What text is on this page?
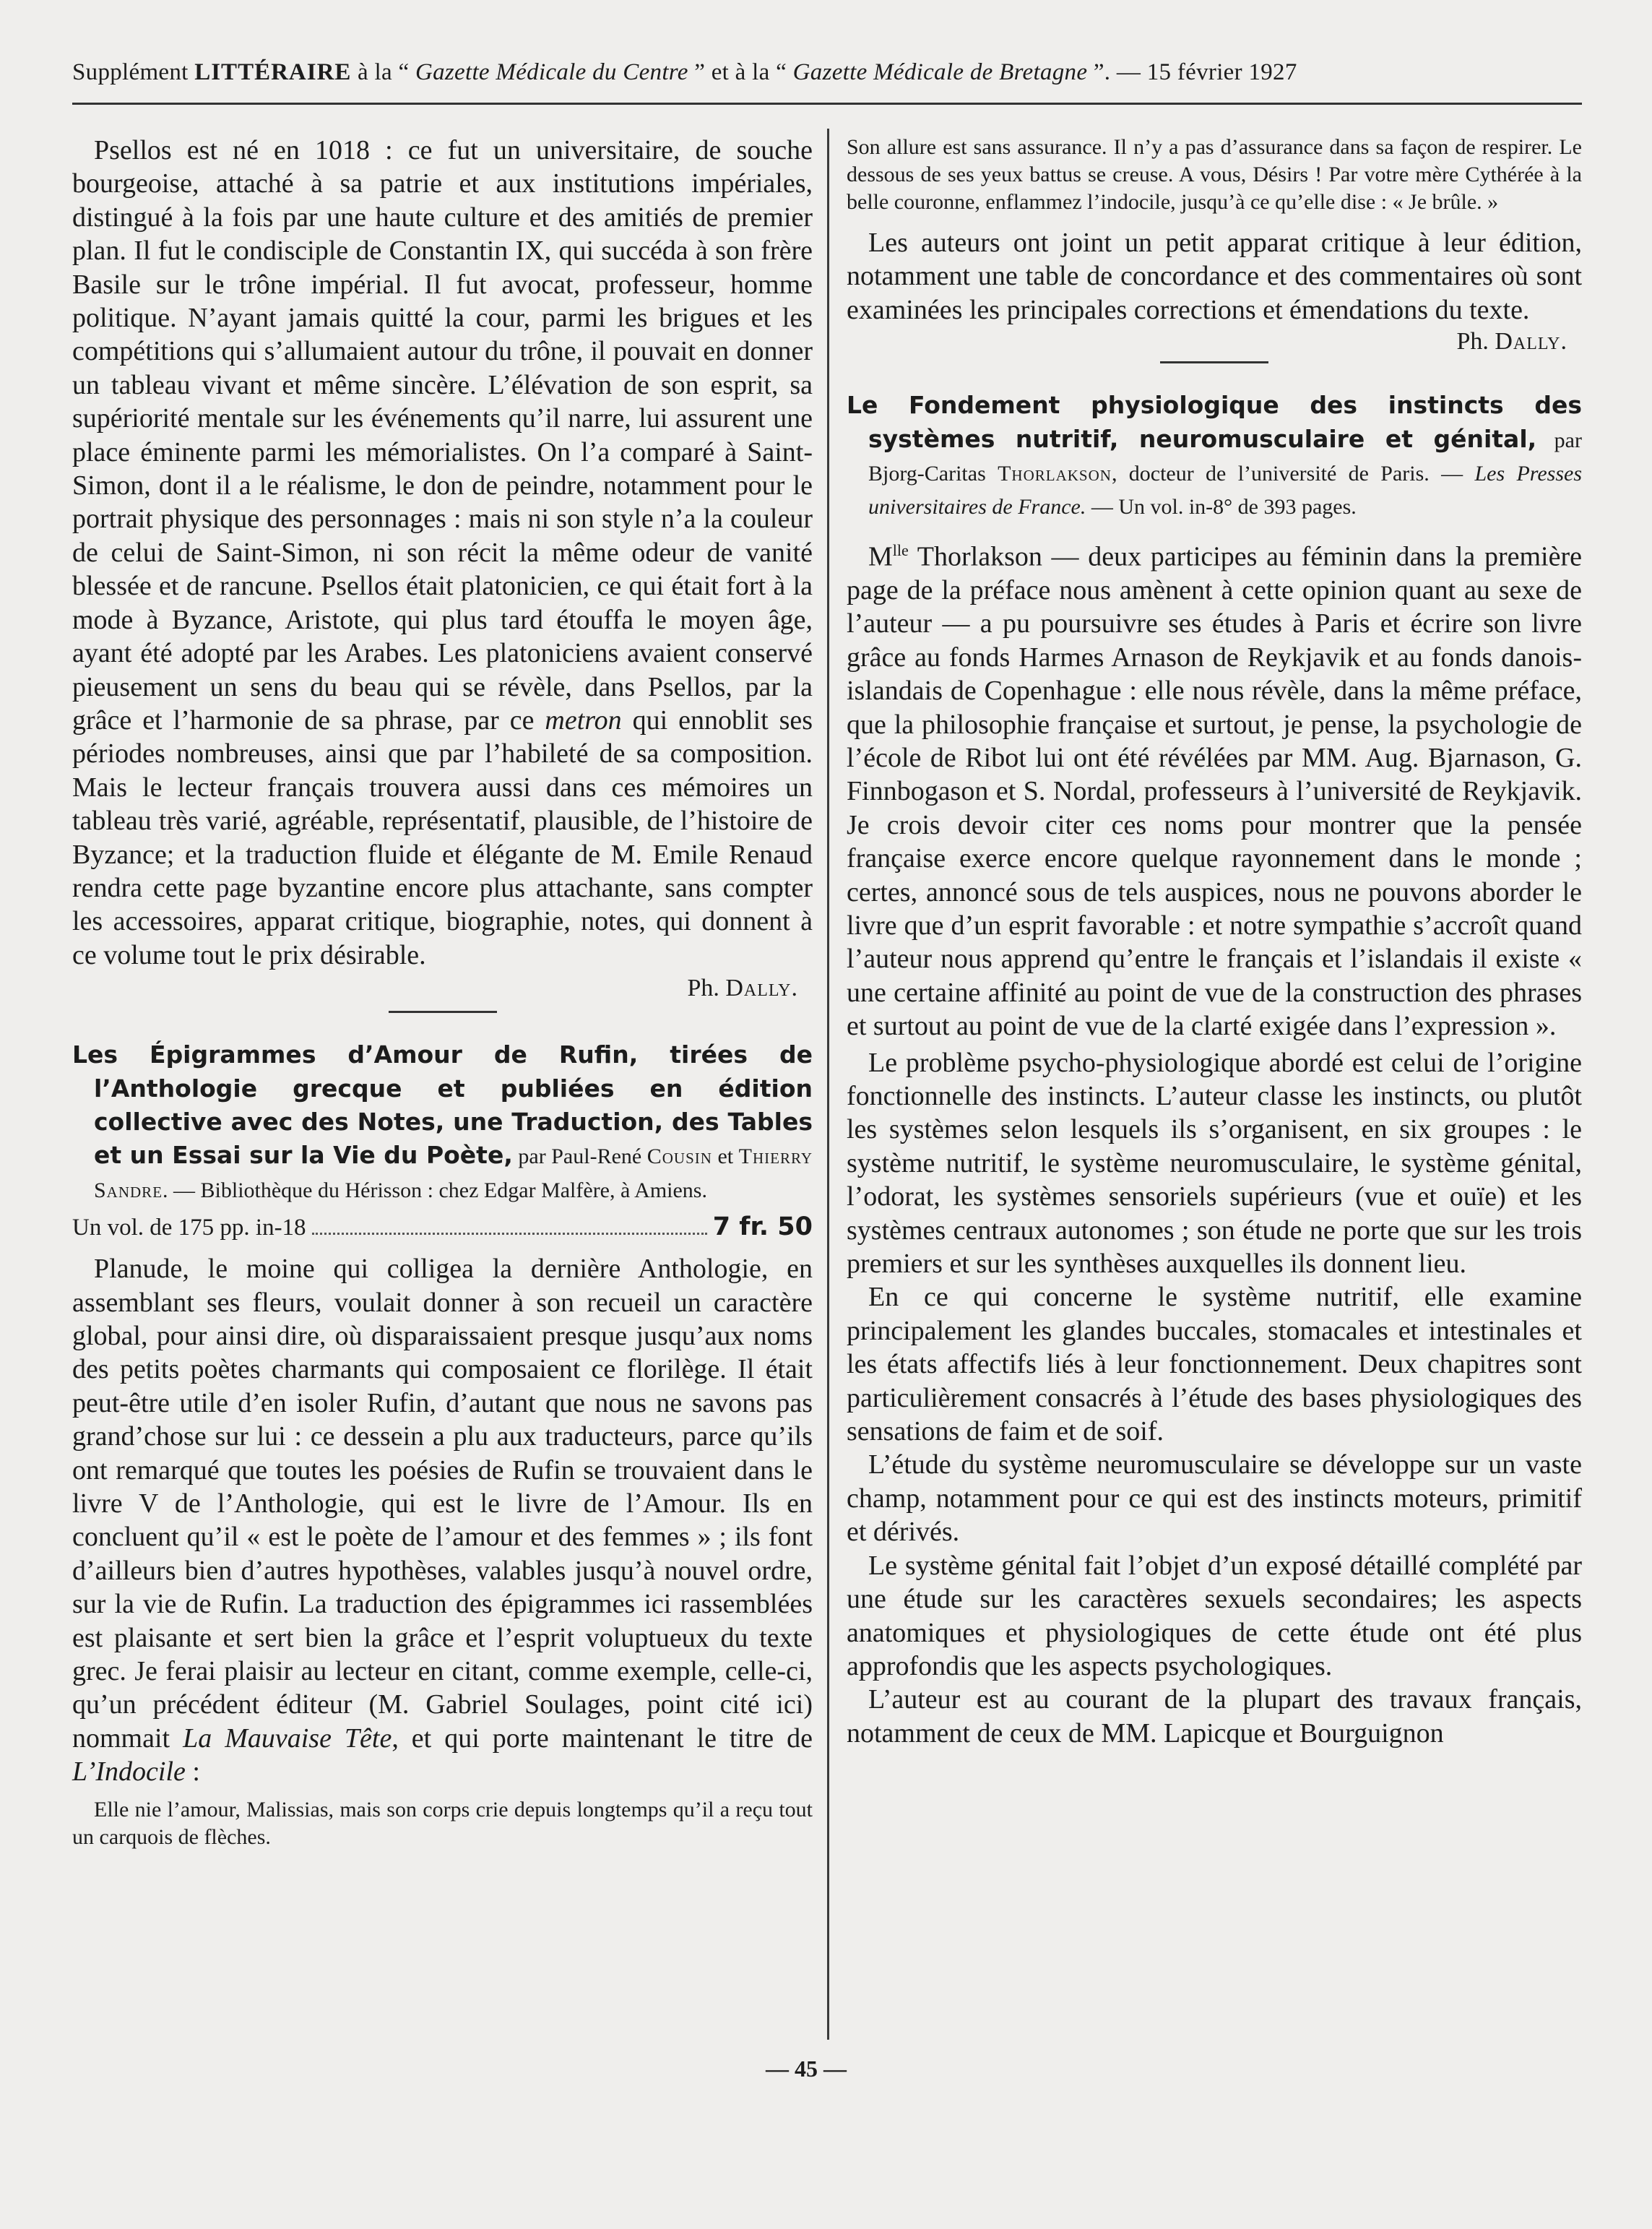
Supplément LITTÉRAIRE à la “ Gazette Médicale du Centre ” et à la “ Gazette Médicale de Bretagne ”. — 15 février 1927

Psellos est né en 1018 : ce fut un universitaire, de souche bourgeoise, attaché à sa patrie et aux institutions impériales, distingué à la fois par une haute culture et des amitiés de premier plan. Il fut le condisciple de Constantin IX, qui succéda à son frère Basile sur le trône impérial. Il fut avocat, professeur, homme politique. N’ayant jamais quitté la cour, parmi les brigues et les compétitions qui s’allumaient autour du trône, il pouvait en donner un tableau vivant et même sincère. L’élévation de son esprit, sa supériorité mentale sur les événements qu’il narre, lui assurent une place éminente parmi les mémorialistes. On l’a comparé à Saint-Simon, dont il a le réalisme, le don de peindre, notamment pour le portrait physique des personnages : mais ni son style n’a la couleur de celui de Saint-Simon, ni son récit la même odeur de vanité blessée et de rancune. Psellos était platonicien, ce qui était fort à la mode à Byzance, Aristote, qui plus tard étouffa le moyen âge, ayant été adopté par les Arabes. Les platoniciens avaient conservé pieusement un sens du beau qui se révèle, dans Psellos, par la grâce et l’harmonie de sa phrase, par ce metron qui ennoblit ses périodes nombreuses, ainsi que par l’habileté de sa composition. Mais le lecteur français trouvera aussi dans ces mémoires un tableau très varié, agréable, représentatif, plausible, de l’histoire de Byzance; et la traduction fluide et élégante de M. Emile Renaud rendra cette page byzantine encore plus attachante, sans compter les accessoires, apparat critique, biographie, notes, qui donnent à ce volume tout le prix désirable.

Ph. Dally.

Les Épigrammes d’Amour de Rufin, tirées de l’Anthologie grecque et publiées en édition collective avec des Notes, une Traduction, des Tables et un Essai sur la Vie du Poète, par Paul-René Cousin et Thierry Sandre. — Bibliothèque du Hérisson : chez Edgar Malfère, à Amiens.

Un vol. de 175 pp. in-18	7 fr. 50

Planude, le moine qui colligea la dernière Anthologie, en assemblant ses fleurs, voulait donner à son recueil un caractère global, pour ainsi dire, où disparaissaient presque jusqu’aux noms des petits poètes charmants qui composaient ce florilège. Il était peut-être utile d’en isoler Rufin, d’autant que nous ne savons pas grand’chose sur lui : ce dessein a plu aux traducteurs, parce qu’ils ont remarqué que toutes les poésies de Rufin se trouvaient dans le livre V de l’Anthologie, qui est le livre de l’Amour. Ils en concluent qu’il « est le poète de l’amour et des femmes » ; ils font d’ailleurs bien d’autres hypothèses, valables jusqu’à nouvel ordre, sur la vie de Rufin. La traduction des épigrammes ici rassemblées est plaisante et sert bien la grâce et l’esprit voluptueux du texte grec. Je ferai plaisir au lecteur en citant, comme exemple, celle-ci, qu’un précédent éditeur (M. Gabriel Soulages, point cité ici) nommait La Mauvaise Tête, et qui porte maintenant le titre de L’Indocile :

Elle nie l’amour, Malissias, mais son corps crie depuis longtemps qu’il a reçu tout un carquois de flèches.

Son allure est sans assurance. Il n’y a pas d’assurance dans sa façon de respirer. Le dessous de ses yeux battus se creuse. A vous, Désirs ! Par votre mère Cythérée à la belle couronne, enflammez l’indocile, jusqu’à ce qu’elle dise : « Je brûle. »

Les auteurs ont joint un petit apparat critique à leur édition, notamment une table de concordance et des commentaires où sont examinées les principales corrections et émendations du texte.

Ph. Dally.

Le Fondement physiologique des instincts des systèmes nutritif, neuromusculaire et génital, par Bjorg-Caritas Thorlakson, docteur de l’université de Paris. — Les Presses universitaires de France. — Un vol. in-8° de 393 pages.

$M^{lle}$ Thorlakson — deux participes au féminin dans la première page de la préface nous amènent à cette opinion quant au sexe de l’auteur — a pu poursuivre ses études à Paris et écrire son livre grâce au fonds Harmes Arnason de Reykjavik et au fonds danois-islandais de Copenhague : elle nous révèle, dans la même préface, que la philosophie française et surtout, je pense, la psychologie de l’école de Ribot lui ont été révélées par MM. Aug. Bjarnason, G. Finnbogason et S. Nordal, professeurs à l’université de Reykjavik. Je crois devoir citer ces noms pour montrer que la pensée française exerce encore quelque rayonnement dans le monde ; certes, annoncé sous de tels auspices, nous ne pouvons aborder le livre que d’un esprit favorable : et notre sympathie s’accroît quand l’auteur nous apprend qu’entre le français et l’islandais il existe « une certaine affinité au point de vue de la construction des phrases et surtout au point de vue de la clarté exigée dans l’expression ».

Le problème psycho-physiologique abordé est celui de l’origine fonctionnelle des instincts. L’auteur classe les instincts, ou plutôt les systèmes selon lesquels ils s’organisent, en six groupes : le système nutritif, le système neuromusculaire, le système génital, l’odorat, les systèmes sensoriels supérieurs (vue et ouïe) et les systèmes centraux autonomes ; son étude ne porte que sur les trois premiers et sur les synthèses auxquelles ils donnent lieu.

En ce qui concerne le système nutritif, elle examine principalement les glandes buccales, stomacales et intestinales et les états affectifs liés à leur fonctionnement. Deux chapitres sont particulièrement consacrés à l’étude des bases physiologiques des sensations de faim et de soif.

L’étude du système neuromusculaire se développe sur un vaste champ, notamment pour ce qui est des instincts moteurs, primitif et dérivés.

Le système génital fait l’objet d’un exposé détaillé complété par une étude sur les caractères sexuels secondaires; les aspects anatomiques et physiologiques de cette étude ont été plus approfondis que les aspects psychologiques.

L’auteur est au courant de la plupart des travaux français, notamment de ceux de MM. Lapicque et Bourguignon

— 45 —
